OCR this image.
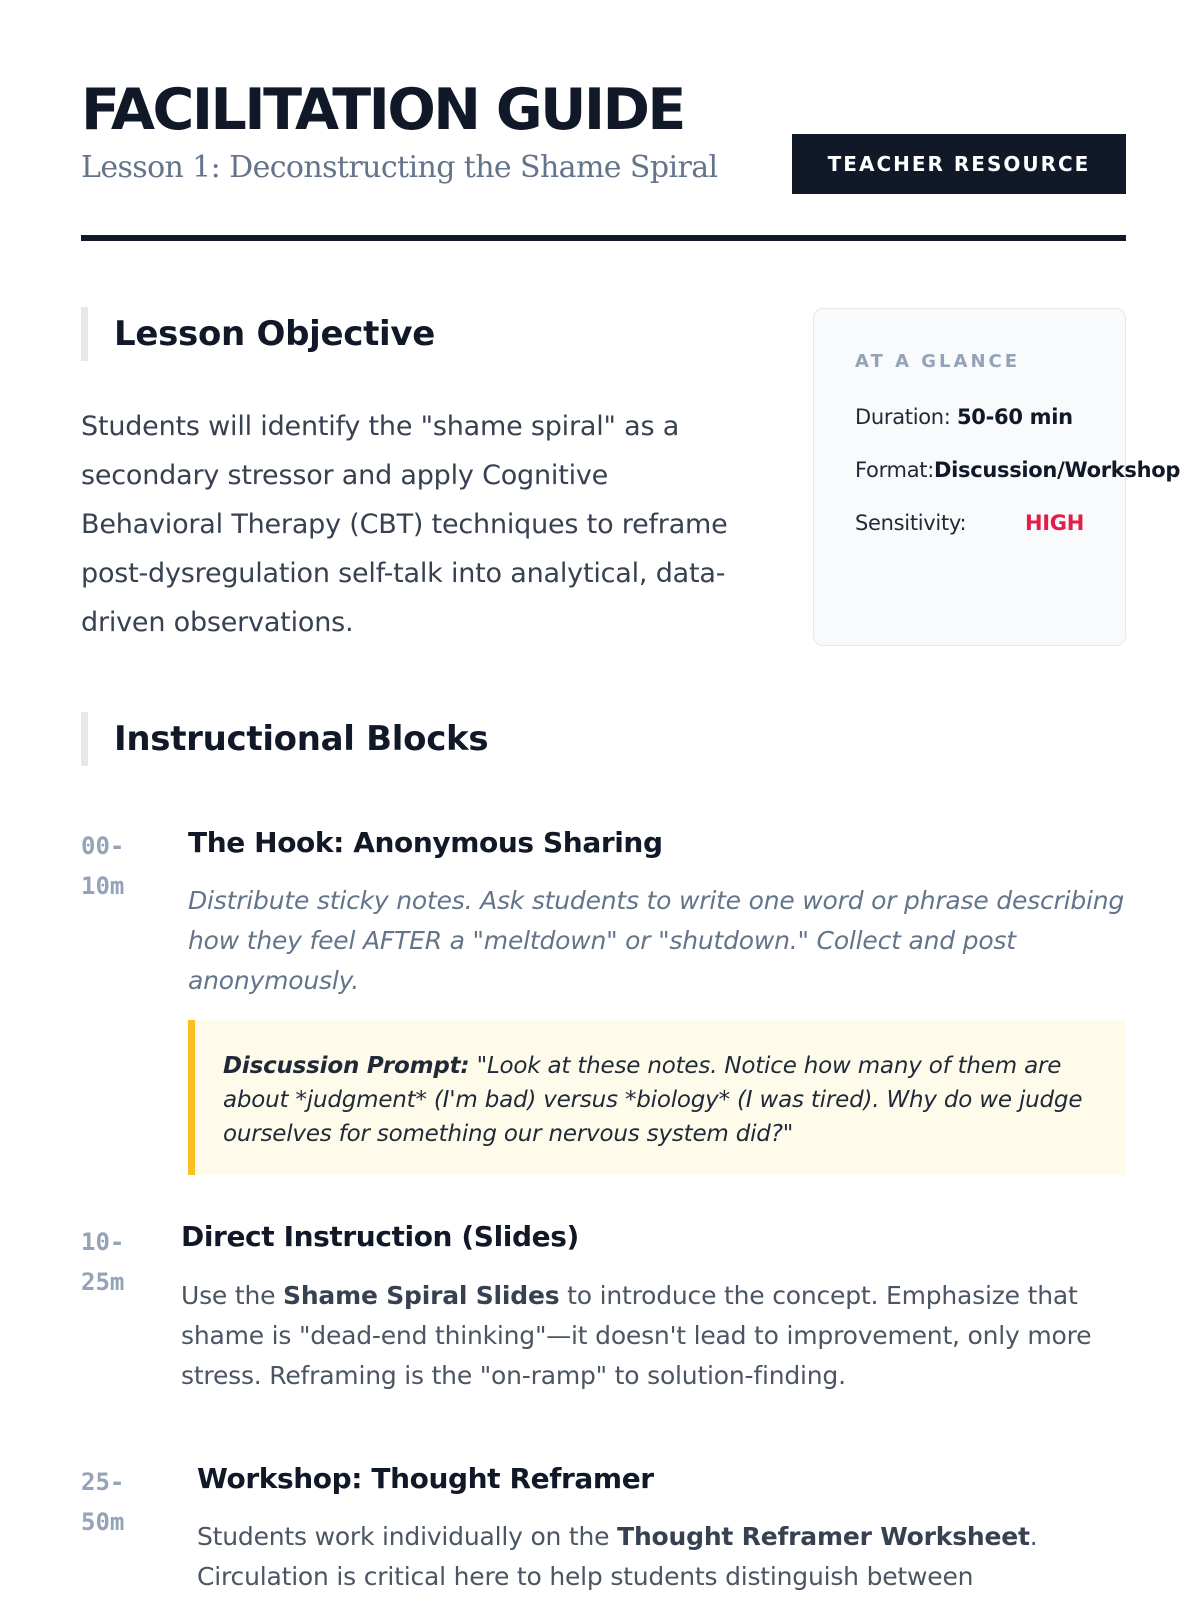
FACILITATION GUIDE
Lesson 1: Deconstructing the Shame Spiral	TEACHER RESOURCE
Lesson Objective

Students will identify the "shame spiral" as a secondary stressor and apply Cognitive Behavioral Therapy (CBT) techniques to reframe post-dysregulation self-talk into analytical, data-driven observations.

AT A GLANCE
Duration: 50-60 min
Format:Discussion/Workshop
Sensitivity:	HIGH
Instructional Blocks
00-
10m
The Hook: Anonymous Sharing

Distribute sticky notes. Ask students to write one word or phrase describing how they feel AFTER a "meltdown" or "shutdown." Collect and post anonymously.

Discussion Prompt: "Look at these notes. Notice how many of them are about *judgment* (I'm bad) versus *biology* (I was tired). Why do we judge ourselves for something our nervous system did?"
10-
25m
Direct Instruction (Slides)

Use the Shame Spiral Slides to introduce the concept. Emphasize that shame is "dead-end thinking"—it doesn't lead to improvement, only more stress. Reframing is the "on-ramp" to solution-finding.

25-
50m
Workshop: Thought Reframer

Students work individually on the Thought Reframer Worksheet. Circulation is critical here to help students distinguish between
